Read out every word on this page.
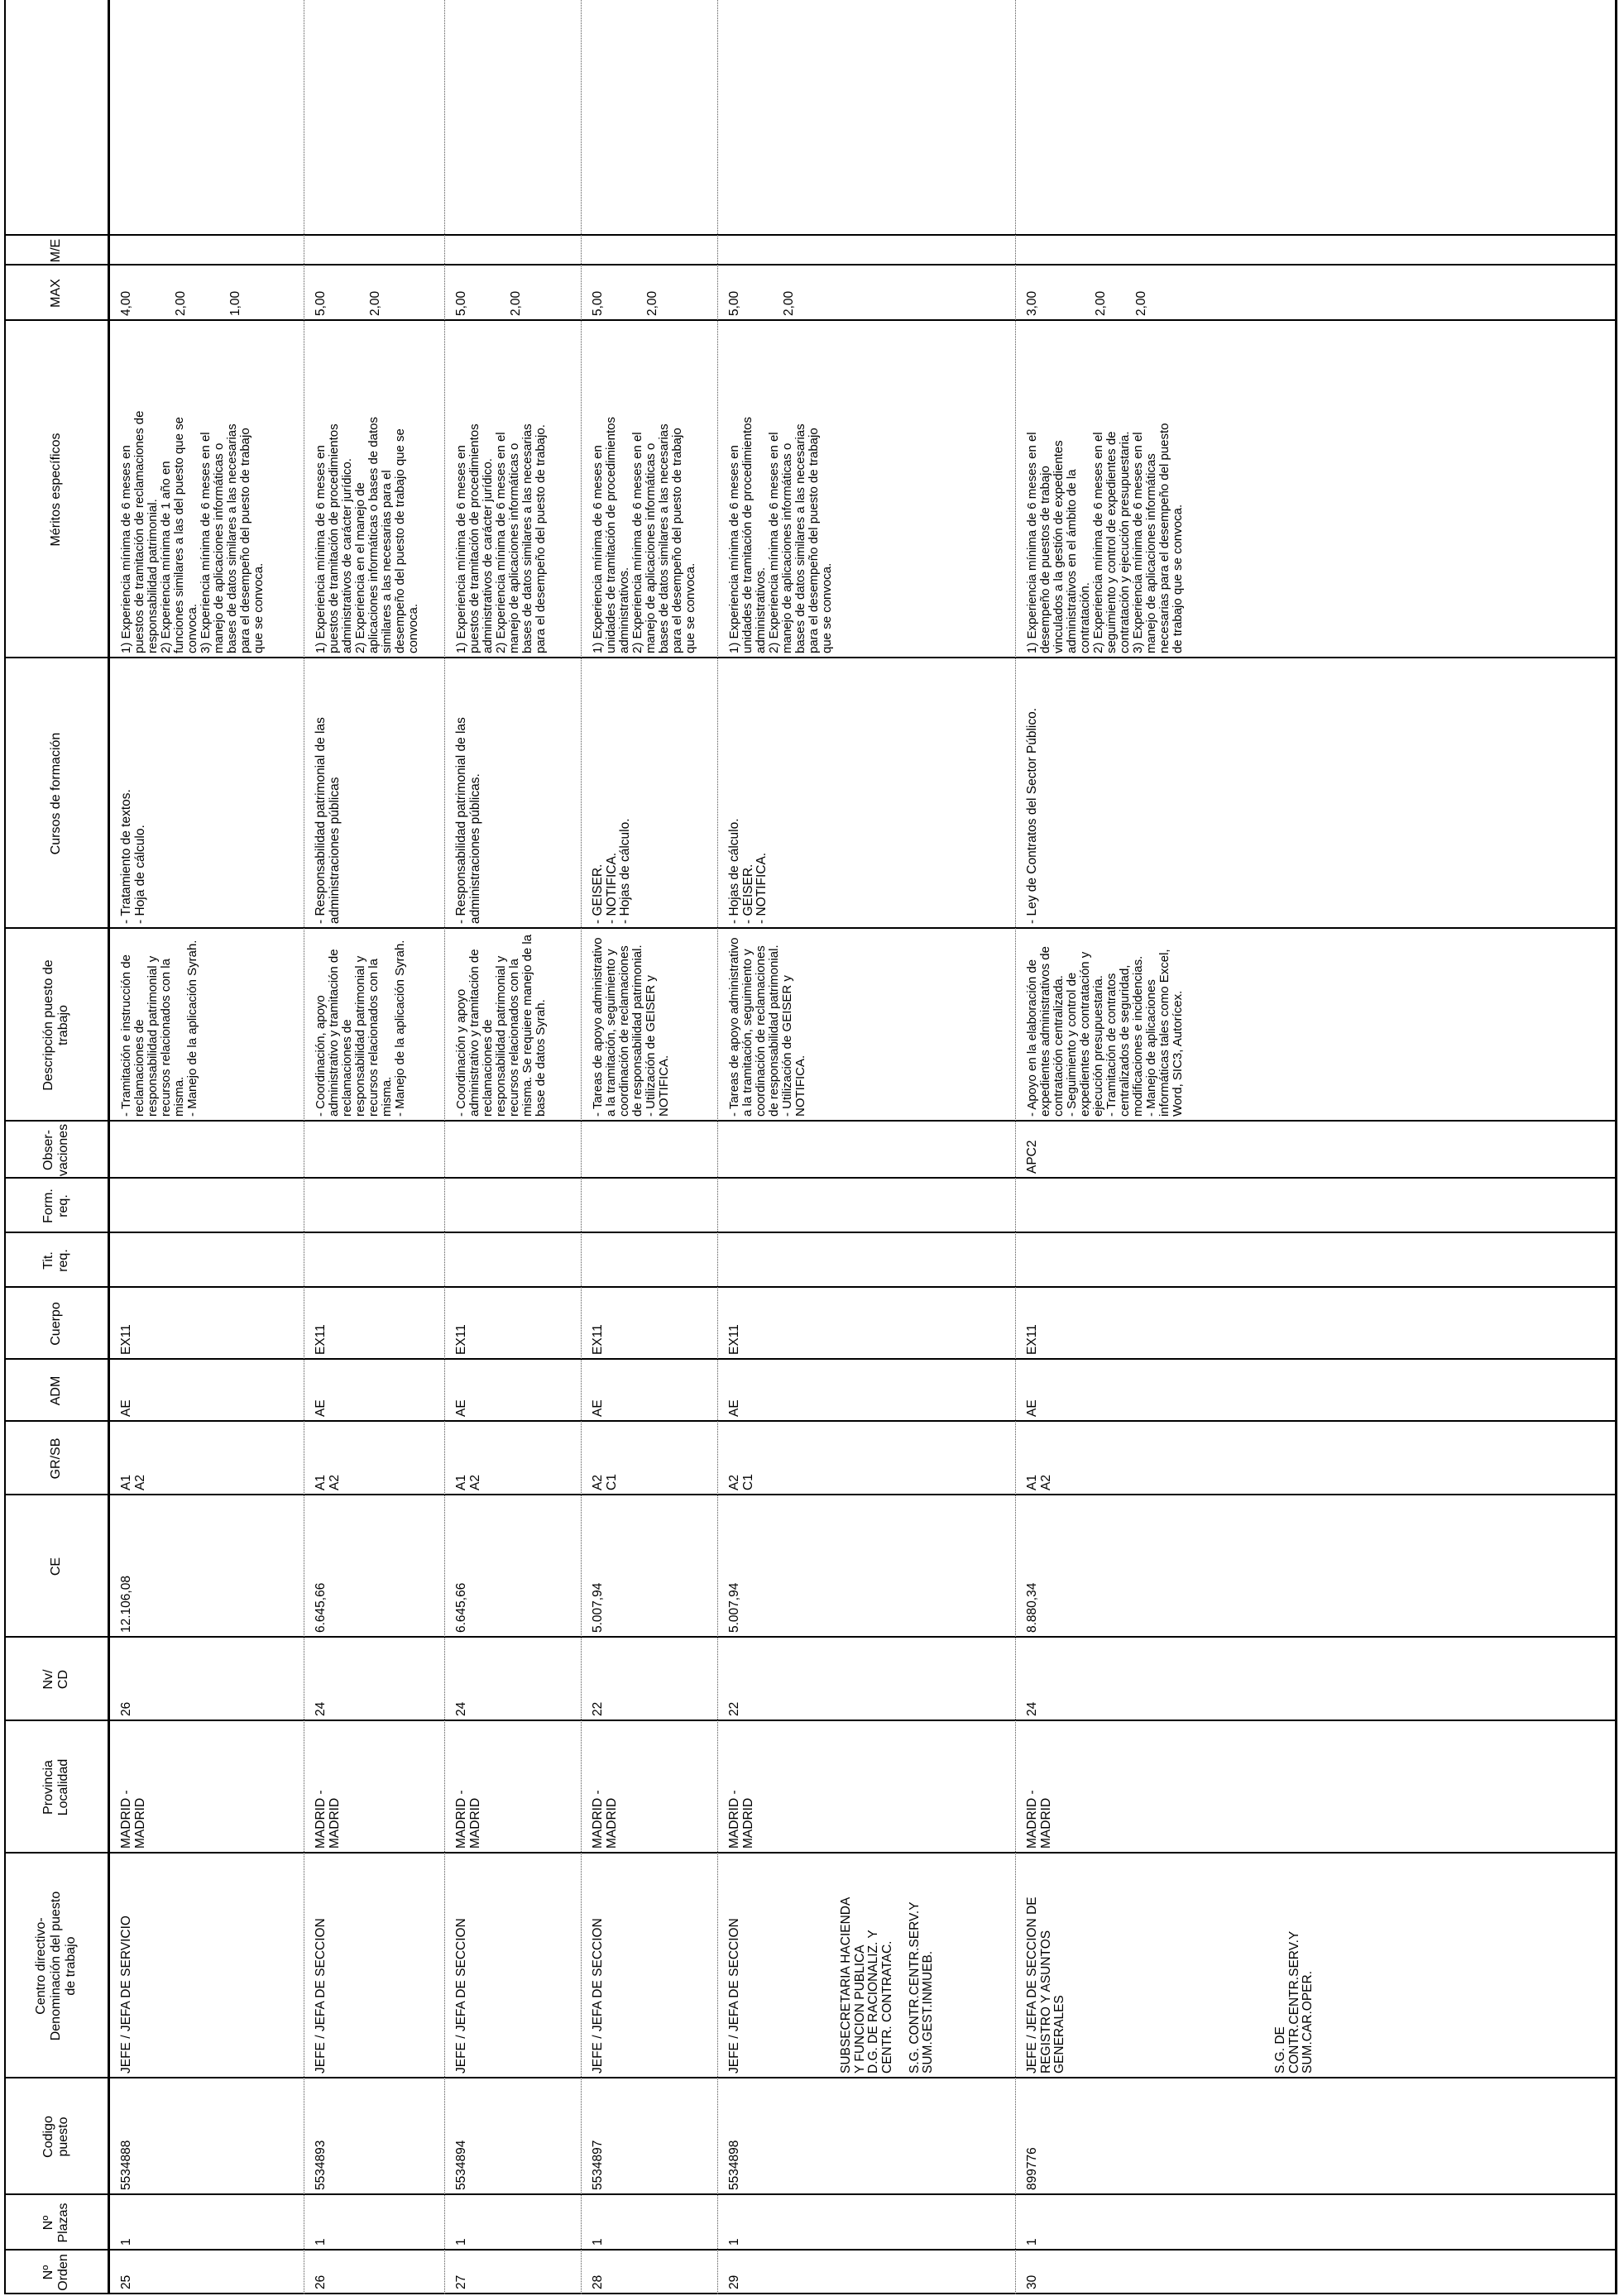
Nº
Orden
Nº
Plazas
Codigo
puesto
Centro directivo-
Denominación del puesto
de trabajo
Provincia
Localidad
Nv/
CD
CE
GR/SB
ADM
Cuerpo
Tit.
req.
Form.
req.
Obser-
vaciones
Descripción puesto de
trabajo
Cursos de formación
Méritos específicos
MAX
M/E
25
1
5534888
JEFE / JEFA DE SERVICIO
MADRID -
MADRID
26
12.106,08
A1
A2
AE
EX11
- Tramitación e instrucción de
reclamaciones de
responsabilidad patrimonial y
recursos relacionados con la
misma.
- Manejo de la aplicación Syrah.
- Tratamiento de textos.
- Hoja de cálculo.
1) Experiencia mínima de 6 meses en
puestos de tramitación de reclamaciones de
responsabilidad patrimonial.
2) Experiencia mínima de 1 año en
funciones similares a las del puesto que se
convoca.
3) Experiencia mínima de 6 meses en el
manejo de aplicaciones informáticas o
bases de datos similares a las necesarias
para el desempeño del puesto de trabajo
que se convoca.
4,00

2,00

1,00
26
1
5534893
JEFE / JEFA DE SECCION
MADRID -
MADRID
24
6.645,66
A1
A2
AE
EX11
- Coordinación, apoyo
administrativo y tramitación de
reclamaciones de
responsabilidad patrimonial y
recursos relacionados con la
misma.
- Manejo de la aplicación Syrah.
- Responsabilidad patrimonial de las
administraciones públicas
1) Experiencia mínima de 6 meses en
puestos de tramitación de procedimientos
administrativos de carácter jurídico.
2) Experiencia en el manejo de
aplicaciones informáticas o bases de datos
similares a las necesarias para el
desempeño del puesto de trabajo que se
convoca.
5,00

2,00
27
1
5534894
JEFE / JEFA DE SECCION
MADRID -
MADRID
24
6.645,66
A1
A2
AE
EX11
- Coordinación y apoyo
administrativo y tramitación de
reclamaciones de
responsabilidad patrimonial y
recursos relacionados con la
misma. Se requiere manejo de la
base de datos Syrah.
- Responsabilidad patrimonial de las
administraciones públicas.
1) Experiencia mínima de 6 meses en
puestos de tramitación de procedimientos
administrativos de carácter jurídico.
2) Experiencia mínima de 6 meses en el
manejo de aplicaciones informáticas o
bases de datos similares a las necesarias
para el desempeño del puesto de trabajo.
5,00

2,00
28
1
5534897
JEFE / JEFA DE SECCION
MADRID -
MADRID
22
5.007,94
A2
C1
AE
EX11
- Tareas de apoyo administrativo
a la tramitación, seguimiento y
coordinación de reclamaciones
de responsabilidad patrimonial.
- Utilización de GEISER y
NOTIFICA.
- GEISER.
- NOTIFICA.
- Hojas de cálculo.
1) Experiencia mínima de 6 meses en
unidades de tramitación de procedimientos
administrativos.
2) Experiencia mínima de 6 meses en el
manejo de aplicaciones informáticas o
bases de datos similares a las necesarias
para el desempeño del puesto de trabajo
que se convoca.
5,00

2,00
29
1
5534898
JEFE / JEFA DE SECCION
MADRID -
MADRID
22
5.007,94
A2
C1
AE
EX11
- Tareas de apoyo administrativo
a la tramitación, seguimiento y
coordinación de reclamaciones
de responsabilidad patrimonial.
- Utilización de GEISER y
NOTIFICA.
- Hojas de cálculo.
- GEISER.
- NOTIFICA.
1) Experiencia mínima de 6 meses en
unidades de tramitación de procedimientos
administrativos.
2) Experiencia mínima de 6 meses en el
manejo de aplicaciones informáticas o
bases de datos similares a las necesarias
para el desempeño del puesto de trabajo
que se convoca.
5,00

2,00
30
1
899776
JEFE / JEFA DE SECCION DE
REGISTRO Y ASUNTOS
GENERALES
MADRID -
MADRID
24
8.880,34
A1
A2
AE
EX11
APC2
- Apoyo en la elaboración de
expedientes administrativos de
contratación centralizada.
- Seguimiento y control de
expedientes de contratación y
ejecución presupuestaria.
- Tramitación de contratos
centralizados de seguridad,
modificaciones e incidencias.
- Manejo de aplicaciones
informáticas tales como Excel,
Word, SIC3, Autorícex.
- Ley de Contratos del Sector Público.
1) Experiencia mínima de 6 meses en el
desempeño de puestos de trabajo
vinculados a la gestión de expedientes
administrativos en el ámbito de la
contratación.
2) Experiencia mínima de 6 meses en el
seguimiento y control de expedientes de
contratación y ejecución presupuestaria.
3) Experiencia mínima de 6 meses en el
manejo de aplicaciones informáticas
necesarias para el desempeño del puesto
de trabajo que se convoca.
3,00

2,00

2,00
SUBSECRETARIA HACIENDA
Y FUNCION PUBLICA
D.G. DE RACIONALIZ. Y
CENTR. CONTRATAC.

S.G. CONTR.CENTR.SERV.Y
SUM.GEST.INMUEB.	S.G. DE
CONTR.CENTR.SERV.Y
SUM.CAR.OPER.
